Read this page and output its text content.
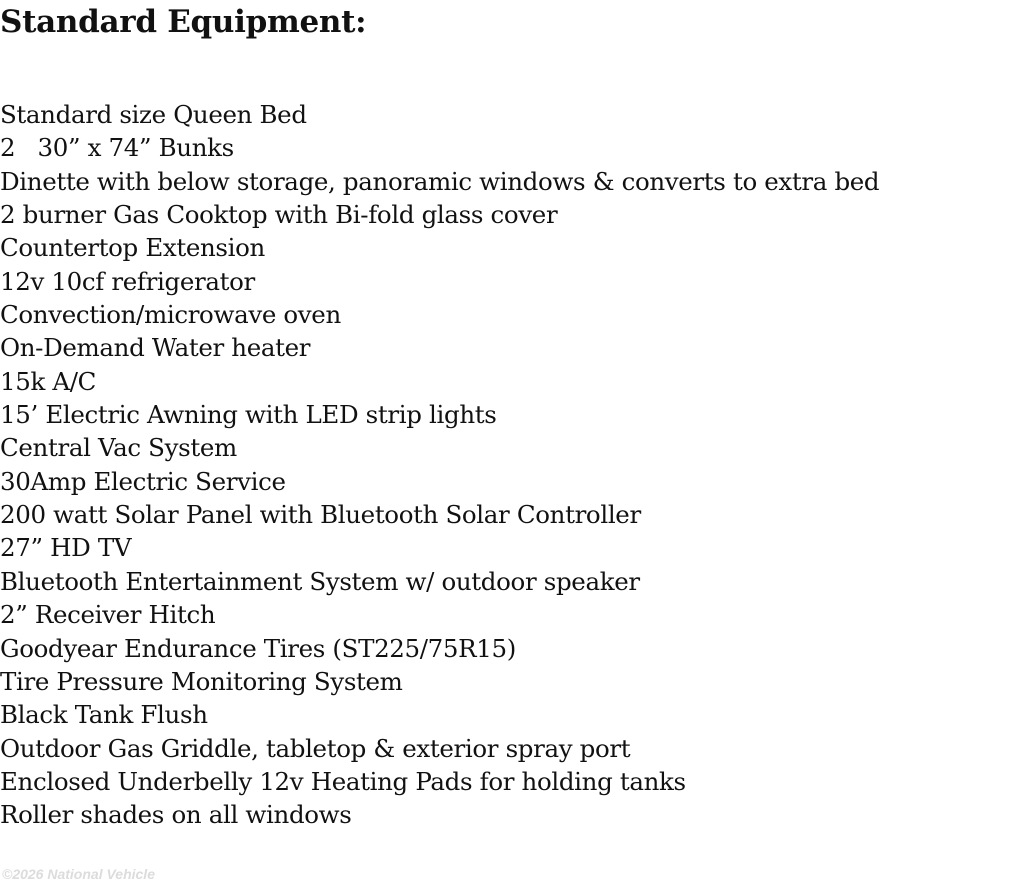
Standard Equipment:
Standard size Queen Bed
2   30” x 74” Bunks
Dinette with below storage, panoramic windows & converts to extra bed
2 burner Gas Cooktop with Bi-fold glass cover
Countertop Extension
12v 10cf refrigerator
Convection/microwave oven
On-Demand Water heater
15k A/C
15’ Electric Awning with LED strip lights
Central Vac System
30Amp Electric Service
200 watt Solar Panel with Bluetooth Solar Controller
27” HD TV
Bluetooth Entertainment System w/ outdoor speaker
2” Receiver Hitch
Goodyear Endurance Tires (ST225/75R15)
Tire Pressure Monitoring System
Black Tank Flush
Outdoor Gas Griddle, tabletop & exterior spray port
Enclosed Underbelly 12v Heating Pads for holding tanks
Roller shades on all windows
©2026 National Vehicle
